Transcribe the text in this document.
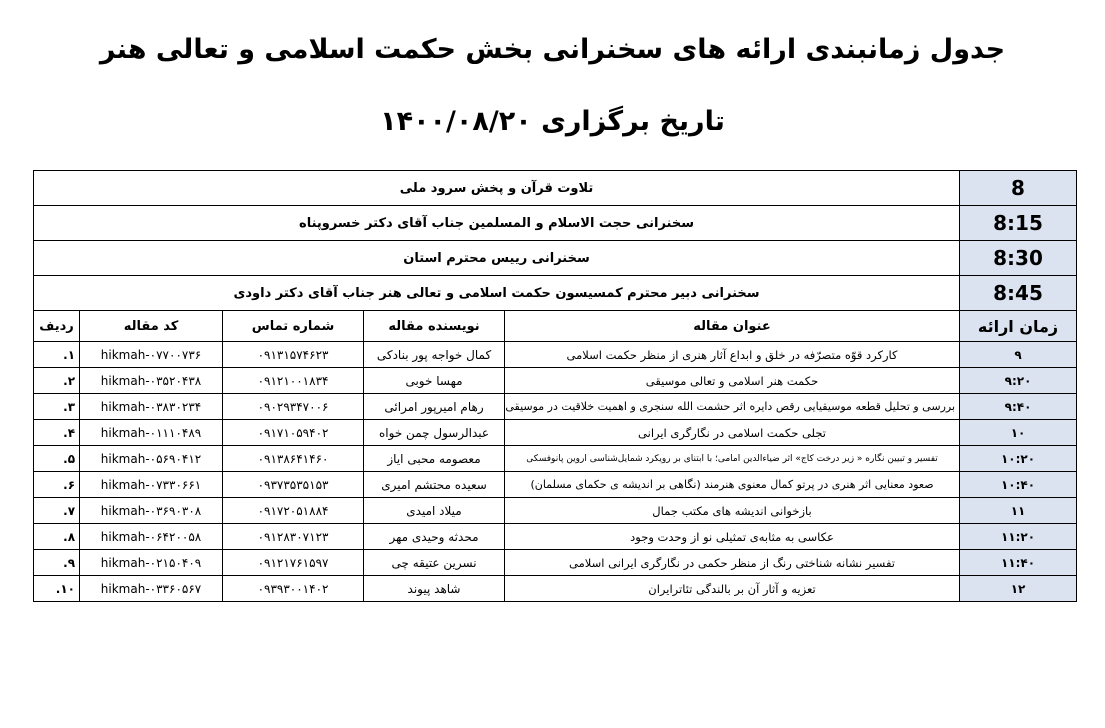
جدول زمانبندی ارائه های سخنرانی بخش حکمت اسلامی و تعالی هنر
تاریخ برگزاری ۱۴۰۰/۰۸/۲۰
8	تلاوت قرآن و پخش سرود ملی				
8:15	سخنرانی حجت الاسلام و المسلمین جناب آقای دکتر خسروپناه				
8:30	سخنرانی رییس محترم استان				
8:45	سخنرانی دبیر محترم کمسیسون حکمت اسلامی و تعالی هنر جناب آقای دکتر داودی				
زمان ارائه	عنوان مقاله	نویسنده مقاله	شماره تماس	کد مقاله	ردیف
۹	کارکرد قوّه متصرّفه در خلق و ابداع آثار هنری از منظر حکمت اسلامی	کمال خواجه پور بنادکی	۰۹۱۳۱۵۷۴۶۲۳	hikmah-۰۷۷۰۰۷۳۶	۱.
۹:۲۰	حکمت هنر اسلامی و تعالی موسیقی	مهسا خوبی	۰۹۱۲۱۰۰۱۸۳۴	hikmah-۰۳۵۲۰۴۳۸	۲.
۹:۴۰	بررسی و تحلیل قطعه موسیقیایی رقص دایره اثر حشمت الله سنجری و اهمیت خلاقیت در موسیقی	رهام امیرپور امرائی	۰۹۰۲۹۳۴۷۰۰۶	hikmah-۰۳۸۳۰۲۳۴	۳.
۱۰	تجلی حکمت اسلامی در نگارگری ایرانی	عبدالرسول چمن خواه	۰۹۱۷۱۰۵۹۴۰۲	hikmah-۰۱۱۱۰۴۸۹	۴.
۱۰:۲۰	تفسیر و تبیین نگاره « زیر درخت کاج» اثر ضیاءالدین امامی؛ با ابتنای بر رویکرد شمایل‌شناسی اروین پانوفسکی	معصومه محبی ایاز	۰۹۱۳۸۶۴۱۴۶۰	hikmah-۰۵۶۹۰۴۱۲	۵.
۱۰:۴۰	صعود معنایی اثر هنری در پرتو کمال معنوی هنرمند (نگاهی بر اندیشه ی حکمای مسلمان)	سعیده محتشم امیری	۰۹۳۷۳۵۳۵۱۵۳	hikmah-۰۷۳۳۰۶۶۱	۶.
۱۱	بازخوانی اندیشه های مکتب جمال	میلاد امیدی	۰۹۱۷۲۰۵۱۸۸۴	hikmah-۰۳۶۹۰۳۰۸	۷.
۱۱:۲۰	عکاسی به مثابه‌ی تمثیلی نو از وحدت وجود	محدثه وحیدی مهر	۰۹۱۲۸۳۰۷۱۲۳	hikmah-۰۶۴۲۰۰۵۸	۸.
۱۱:۴۰	تفسیر نشانه شناختی رنگ از منظر حکمی در نگارگری ایرانی اسلامی	نسرین عتیقه چی	۰۹۱۲۱۷۶۱۵۹۷	hikmah-۰۲۱۵۰۴۰۹	۹.
۱۲	تعزیه و آثار آن بر بالندگی تئاترایران	شاهد پیوند	۰۹۳۹۳۰۰۱۴۰۲	hikmah-۰۳۳۶۰۵۶۷	۱۰.
